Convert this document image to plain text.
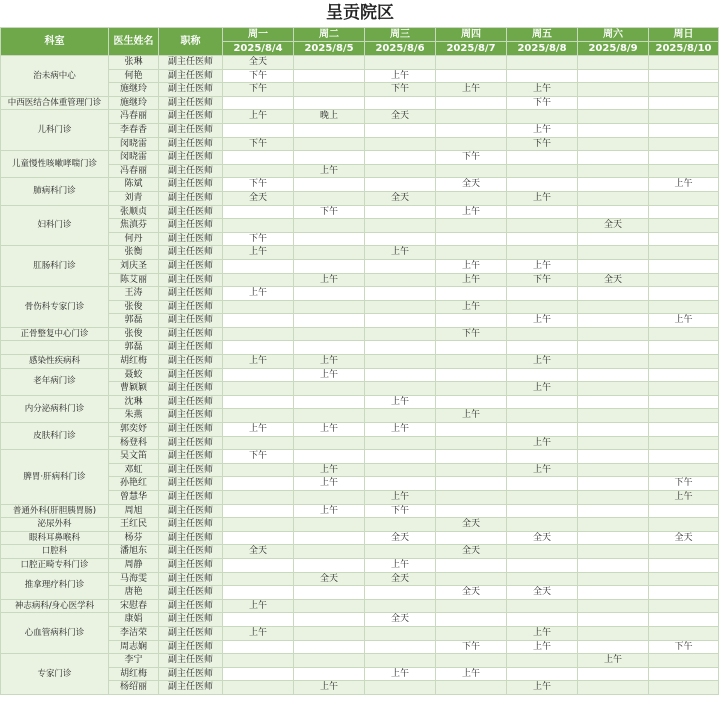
呈贡院区
科室	医生姓名	职称	周一	周二	周三	周四	周五	周六	周日
			2025/8/4	2025/8/5	2025/8/6	2025/8/7	2025/8/8	2025/8/9	2025/8/10
治未病中心	张琳	副主任医师	全天						
	何艳	副主任医师	下午		上午				
	施继玲	副主任医师	下午		下午	上午	上午		
中西医结合体重管理门诊	施继玲	副主任医师					下午		
儿科门诊	冯春丽	副主任医师	上午	晚上	全天				
	李春香	副主任医师					上午		
	闵晓雷	副主任医师	下午				下午		
儿童慢性咳嗽哮喘门诊	闵晓雷	副主任医师				下午			
	冯春丽	副主任医师		上午					
肺病科门诊	陈斌	副主任医师	下午			全天			上午
	刘青	副主任医师	全天		全天		上午		
妇科门诊	张顺贞	副主任医师		下午		上午			
	焦滇芬	副主任医师						全天	
	何丹	副主任医师	下午						
肛肠科门诊	张衡	副主任医师	上午		上午				
	刘庆圣	副主任医师				上午	上午		
	陈艾丽	副主任医师		上午		上午	下午	全天	
骨伤科专家门诊	王涛	副主任医师	上午						
	张俊	副主任医师				上午			
	郭磊	副主任医师					上午		上午
正骨整复中心门诊	张俊	副主任医师				下午			
	郭磊	副主任医师							
感染性疾病科	胡红梅	副主任医师	上午	上午			上午		
老年病门诊	聂蛟	副主任医师		上午					
	曹颖颖	副主任医师					上午		
内分泌病科门诊	沈琳	副主任医师			上午				
	朱燕	副主任医师				上午			
皮肤科门诊	郭奕妤	副主任医师	上午	上午	上午				
	杨登科	副主任医师					上午		
脾胃·肝病科门诊	吴文笛	副主任医师	下午						
	邓虹	副主任医师		上午			上午		
	孙艳红	副主任医师		上午					下午
	曾慧华	副主任医师			上午				上午
普通外科(肝胆胰胃肠)	周旭	副主任医师		上午	下午				
泌尿外科	王红民	副主任医师				全天			
眼科耳鼻喉科	杨芬	副主任医师			全天		全天		全天
口腔科	潘旭东	副主任医师	全天			全天			
口腔正畸专科门诊	周静	副主任医师			上午				
推拿理疗科门诊	马海雯	副主任医师		全天	全天				
	唐艳	副主任医师				全天	全天		
神志病科/身心医学科	宋慰春	副主任医师	上午						
心血管病科门诊	康娟	副主任医师			全天				
	李洁荣	副主任医师	上午				上午		
	周志娴	副主任医师				下午	上午		下午
专家门诊	李宁	副主任医师						上午	
	胡红梅	副主任医师			上午	上午			
	杨绍丽	副主任医师		上午			上午		
